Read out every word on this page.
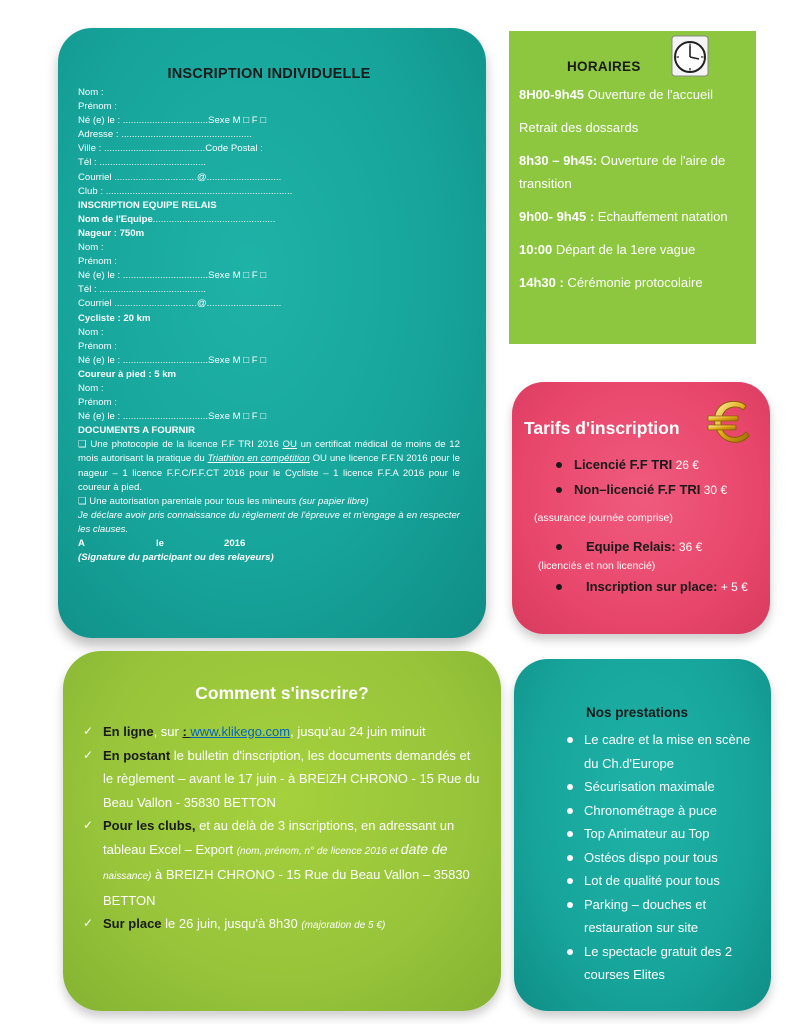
INSCRIPTION INDIVIDUELLE
Nom :
Prénom :
Né (e) le : ................................Sexe M □ F □
Adresse : .................................................
Ville : ......................................Code Postal :
Tél : ........................................
Courriel ...............................@............................
Club : ......................................................................
INSCRIPTION EQUIPE RELAIS
Nom de l'Equipe..............................................
Nageur : 750m
Nom :
Prénom :
Né (e) le : ................................Sexe M □ F □
Tél : ........................................
Courriel ...............................@............................
Cycliste : 20 km
Nom :
Prénom :
Né (e) le : ................................Sexe M □ F □
Coureur à pied : 5 km
Nom :
Prénom :
Né (e) le : ................................Sexe M □ F □
DOCUMENTS A FOURNIR
❑ Une photocopie de la licence F.F TRI 2016 OU un certificat médical de moins de 12 mois autorisant la pratique du Triathlon en compétition OU une licence F.F.N 2016 pour le nageur – 1 licence F.F.C/F.F.CT 2016 pour le Cycliste – 1 licence F.F.A 2016 pour le coureur à pied.
❑ Une autorisation parentale pour tous les mineurs (sur papier libre)
Je déclare avoir pris connaissance du règlement de l'épreuve et m'engage à en respecter les clauses.
A	le	2016
(Signature du participant ou des relayeurs)
HORAIRES
8H00-9h45 Ouverture de l'accueil
Retrait des dossards
8h30 – 9h45: Ouverture de l'aire de transition
9h00- 9h45 : Echauffement natation
10:00 Départ de la 1ere vague
14h30 : Cérémonie protocolaire
Tarifs d'inscription
Licencié F.F TRI 26 €
Non–licencié F.F TRI 30 €
(assurance journée comprise)
Equipe Relais: 36 €
(licenciés et non licencié)
Inscription sur place: + 5 €
Comment s'inscrire?
✓ En ligne, sur : www.klikego.com, jusqu'au 24 juin minuit
✓ En postant le bulletin d'inscription, les documents demandés et le règlement – avant le 17 juin - à BREIZH CHRONO - 15 Rue du Beau Vallon - 35830 BETTON
✓ Pour les clubs, et au delà de 3 inscriptions, en adressant un tableau Excel – Export (nom, prénom, n° de licence 2016 et date de naissance) à BREIZH CHRONO - 15 Rue du Beau Vallon – 35830 BETTON
✓ Sur place le 26 juin, jusqu'à 8h30 (majoration de 5 €)
Nos prestations
Le cadre et la mise en scène du Ch.d'Europe
Sécurisation maximale
Chronométrage à puce
Top Animateur au Top
Ostéos dispo pour tous
Lot de qualité pour tous
Parking – douches et restauration sur site
Le spectacle gratuit des 2 courses Elites
